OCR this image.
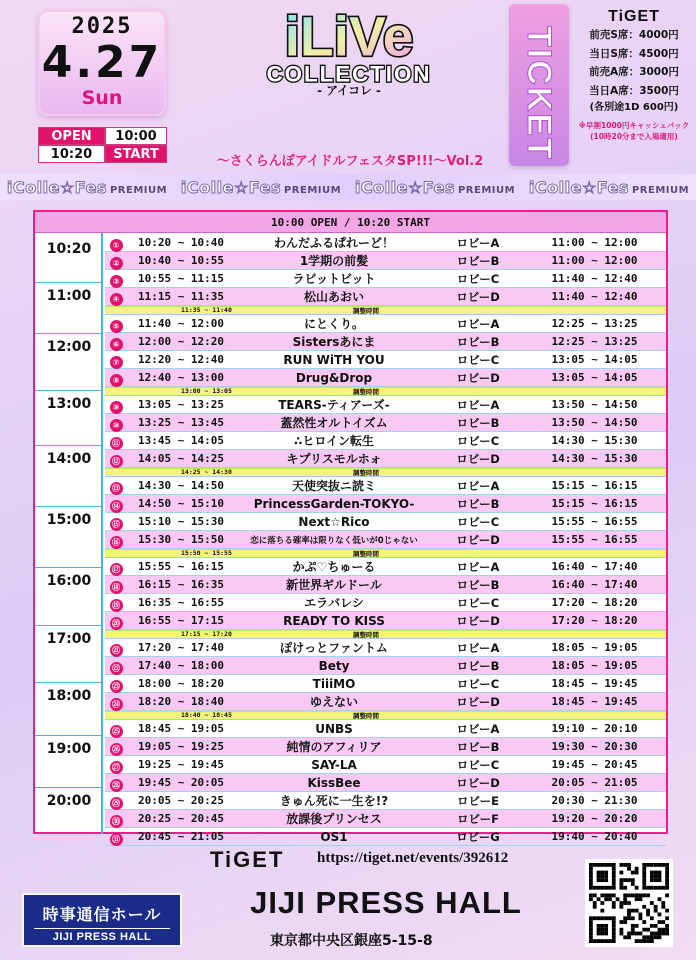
2025
4.27
Sun
OPEN	10:00
10:20	START
iLiVe
COLLECTION
- アイコレ -
〜さくらんぼアイドルフェスタSP!!!〜Vol.2
TICKET
TiGET
前売S席：4000円
当日S席：4500円
前売A席：3000円
当日A席：3500円
(各別途1D 600円)
※早割1000円キャッシュバック
(10時20分まで入場適用)
iColle☆Fes PREMIUM iColle☆Fes PREMIUM iColle☆Fes PREMIUM iColle☆Fes PREMIUM
10:00 OPEN / 10:20 START
10:20
11:00
12:00
13:00
14:00
15:00
16:00
17:00
18:00
19:00
20:00
①	10:20 ~ 10:40	わんだふるぱれーど！	ロビーA	11:00 ~ 12:00
②	10:40 ~ 10:55	1学期の前髪	ロビーB	11:00 ~ 12:00
③	10:55 ~ 11:15	ラビットビット	ロビーC	11:40 ~ 12:40
④	11:15 ~ 11:35	松山あおい	ロビーD	11:40 ~ 12:40
11:35 ~ 11:40	調整時間
⑤	11:40 ~ 12:00	にとくり。	ロビーA	12:25 ~ 13:25
⑥	12:00 ~ 12:20	Sistersあにま	ロビーB	12:25 ~ 13:25
⑦	12:20 ~ 12:40	RUN WiTH YOU	ロビーC	13:05 ~ 14:05
⑧	12:40 ~ 13:00	Drug&Drop	ロビーD	13:05 ~ 14:05
13:00 ~ 13:05	調整時間
⑨	13:05 ~ 13:25	TEARS-ティアーズ-	ロビーA	13:50 ~ 14:50
⑩	13:25 ~ 13:45	蓋然性オルトイズム	ロビーB	13:50 ~ 14:50
⑪	13:45 ~ 14:05	∴ヒロイン転生	ロビーC	14:30 ~ 15:30
⑫	14:05 ~ 14:25	キプリスモルホォ	ロビーD	14:30 ~ 15:30
14:25 ~ 14:30	調整時間
⑬	14:30 ~ 14:50	天使突抜ニ読ミ	ロビーA	15:15 ~ 16:15
⑭	14:50 ~ 15:10	PrincessGarden-TOKYO-	ロビーB	15:15 ~ 16:15
⑮	15:10 ~ 15:30	Next☆Rico	ロビーC	15:55 ~ 16:55
⑯	15:30 ~ 15:50	恋に落ちる確率は限りなく低いが0じゃない	ロビーD	15:55 ~ 16:55
15:50 ~ 15:55	調整時間
⑰	15:55 ~ 16:15	かぷ♡ちゅーる	ロビーA	16:40 ~ 17:40
⑱	16:15 ~ 16:35	新世界ギルドール	ロビーB	16:40 ~ 17:40
⑲	16:35 ~ 16:55	エラバレシ	ロビーC	17:20 ~ 18:20
⑳	16:55 ~ 17:15	READY TO KISS	ロビーD	17:20 ~ 18:20
17:15 ~ 17:20	調整時間
㉑	17:20 ~ 17:40	ぽけっとファントム	ロビーA	18:05 ~ 19:05
㉒	17:40 ~ 18:00	Bety	ロビーB	18:05 ~ 19:05
㉓	18:00 ~ 18:20	TiiiMO	ロビーC	18:45 ~ 19:45
㉔	18:20 ~ 18:40	ゆえない	ロビーD	18:45 ~ 19:45
18:40 ~ 18:45	調整時間
㉕	18:45 ~ 19:05	UNBS	ロビーA	19:10 ~ 20:10
㉖	19:05 ~ 19:25	純情のアフィリア	ロビーB	19:30 ~ 20:30
㉗	19:25 ~ 19:45	SAY-LA	ロビーC	19:45 ~ 20:45
㉘	19:45 ~ 20:05	KissBee	ロビーD	20:05 ~ 21:05
㉙	20:05 ~ 20:25	きゅん死に一生を!?	ロビーE	20:30 ~ 21:30
㉚	20:25 ~ 20:45	放課後プリンセス	ロビーF	19:20 ~ 20:20
㉛	20:45 ~ 21:05	OS1	ロビーG	19:40 ~ 20:40
TiGET https://tiget.net/events/392612
時事通信ホール
JIJI PRESS HALL
JIJI PRESS HALL
東京都中央区銀座5-15-8
